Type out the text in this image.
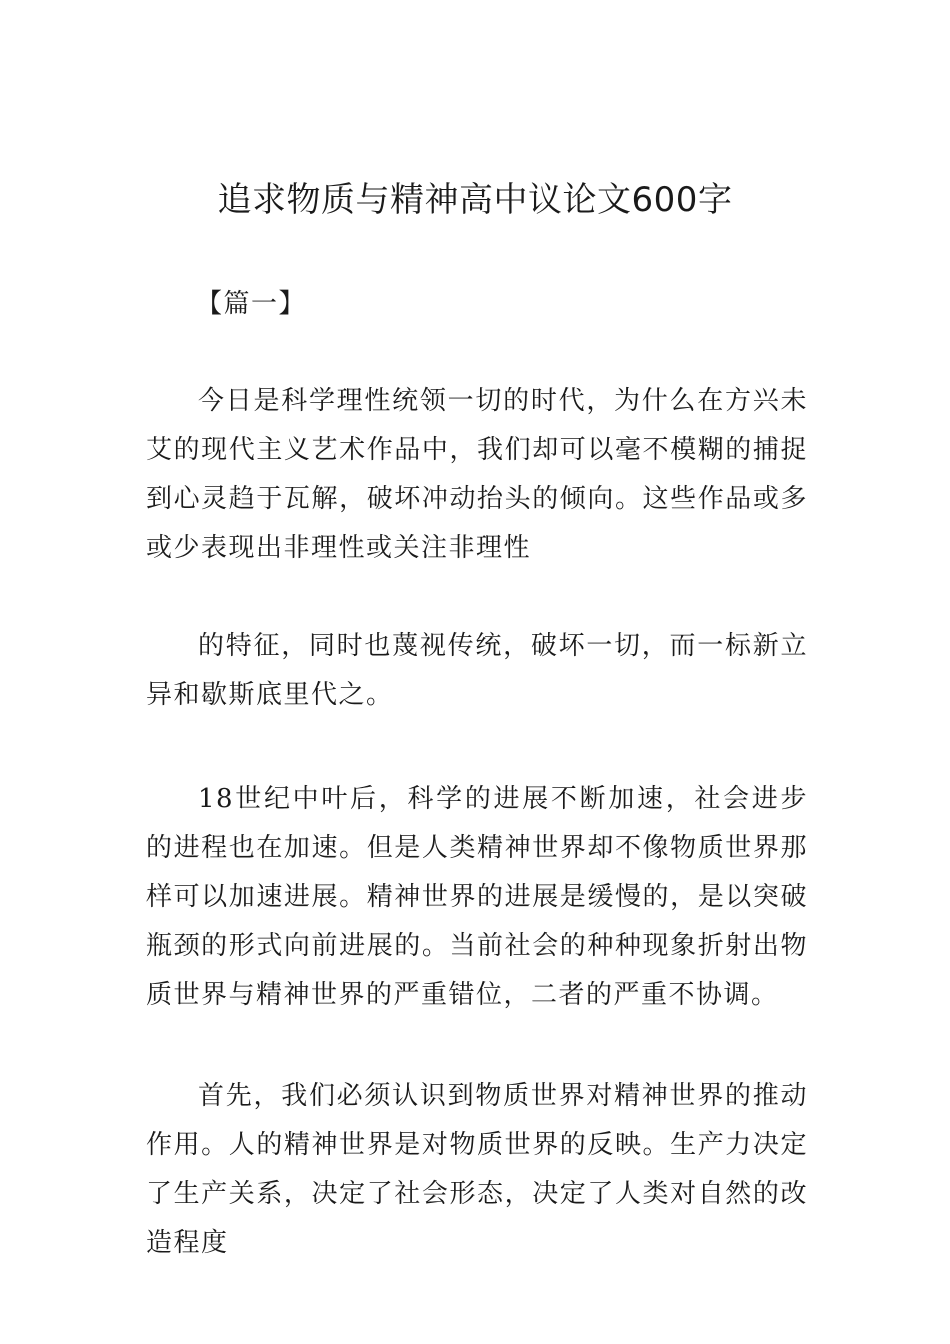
追求物质与精神高中议论文600字

【篇一】

今日是科学理性统领一切的时代，为什么在方兴未艾的现代主义艺术作品中，我们却可以毫不模糊的捕捉到心灵趋于瓦解，破坏冲动抬头的倾向。这些作品或多或少表现出非理性或关注非理性

的特征，同时也蔑视传统，破坏一切，而一标新立异和歇斯底里代之。

18世纪中叶后，科学的进展不断加速，社会进步的进程也在加速。但是人类精神世界却不像物质世界那样可以加速进展。精神世界的进展是缓慢的，是以突破瓶颈的形式向前进展的。当前社会的种种现象折射出物质世界与精神世界的严重错位，二者的严重不协调。

首先，我们必须认识到物质世界对精神世界的推动作用。人的精神世界是对物质世界的反映。生产力决定了生产关系，决定了社会形态，决定了人类对自然的改造程度
